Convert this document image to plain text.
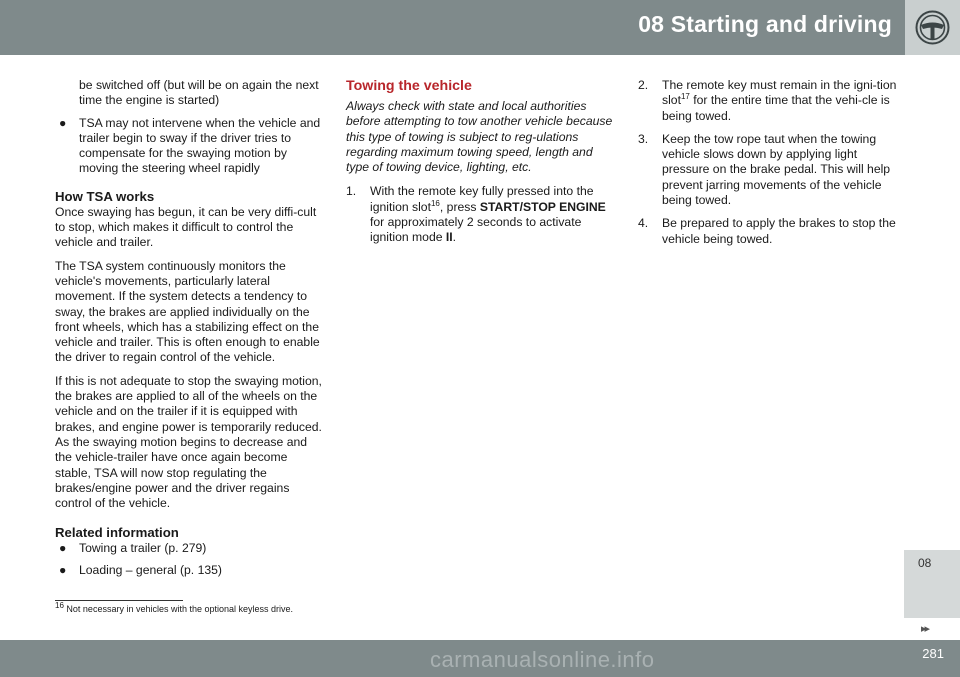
08 Starting and driving
be switched off (but will be on again the next time the engine is started)
● TSA may not intervene when the vehicle and trailer begin to sway if the driver tries to compensate for the swaying motion by moving the steering wheel rapidly
How TSA works

Once swaying has begun, it can be very diffi-cult to stop, which makes it difficult to control the vehicle and trailer.

The TSA system continuously monitors the vehicle's movements, particularly lateral movement. If the system detects a tendency to sway, the brakes are applied individually on the front wheels, which has a stabilizing effect on the vehicle and trailer. This is often enough to enable the driver to regain control of the vehicle.

If this is not adequate to stop the swaying motion, the brakes are applied to all of the wheels on the vehicle and on the trailer if it is equipped with brakes, and engine power is temporarily reduced. As the swaying motion begins to decrease and the vehicle-trailer have once again become stable, TSA will now stop regulating the brakes/engine power and the driver regains control of the vehicle.

Related information
● Towing a trailer (p. 279)
● Loading – general (p. 135)
Towing the vehicle

Always check with state and local authorities before attempting to tow another vehicle because this type of towing is subject to reg-ulations regarding maximum towing speed, length and type of towing device, lighting, etc.

1. With the remote key fully pressed into the ignition slot$^{16}$, press START/STOP ENGINE for approximately 2 seconds to activate ignition mode II.
2. The remote key must remain in the igni-tion slot$^{17}$ for the entire time that the vehi-cle is being towed.
3. Keep the tow rope taut when the towing vehicle slows down by applying light pressure on the brake pedal. This will help prevent jarring movements of the vehicle being towed.
4. Be prepared to apply the brakes to stop the vehicle being towed.
$^{16}$ Not necessary in vehicles with the optional keyless drive.
08
▸▸
carmanualsonline.info	281
